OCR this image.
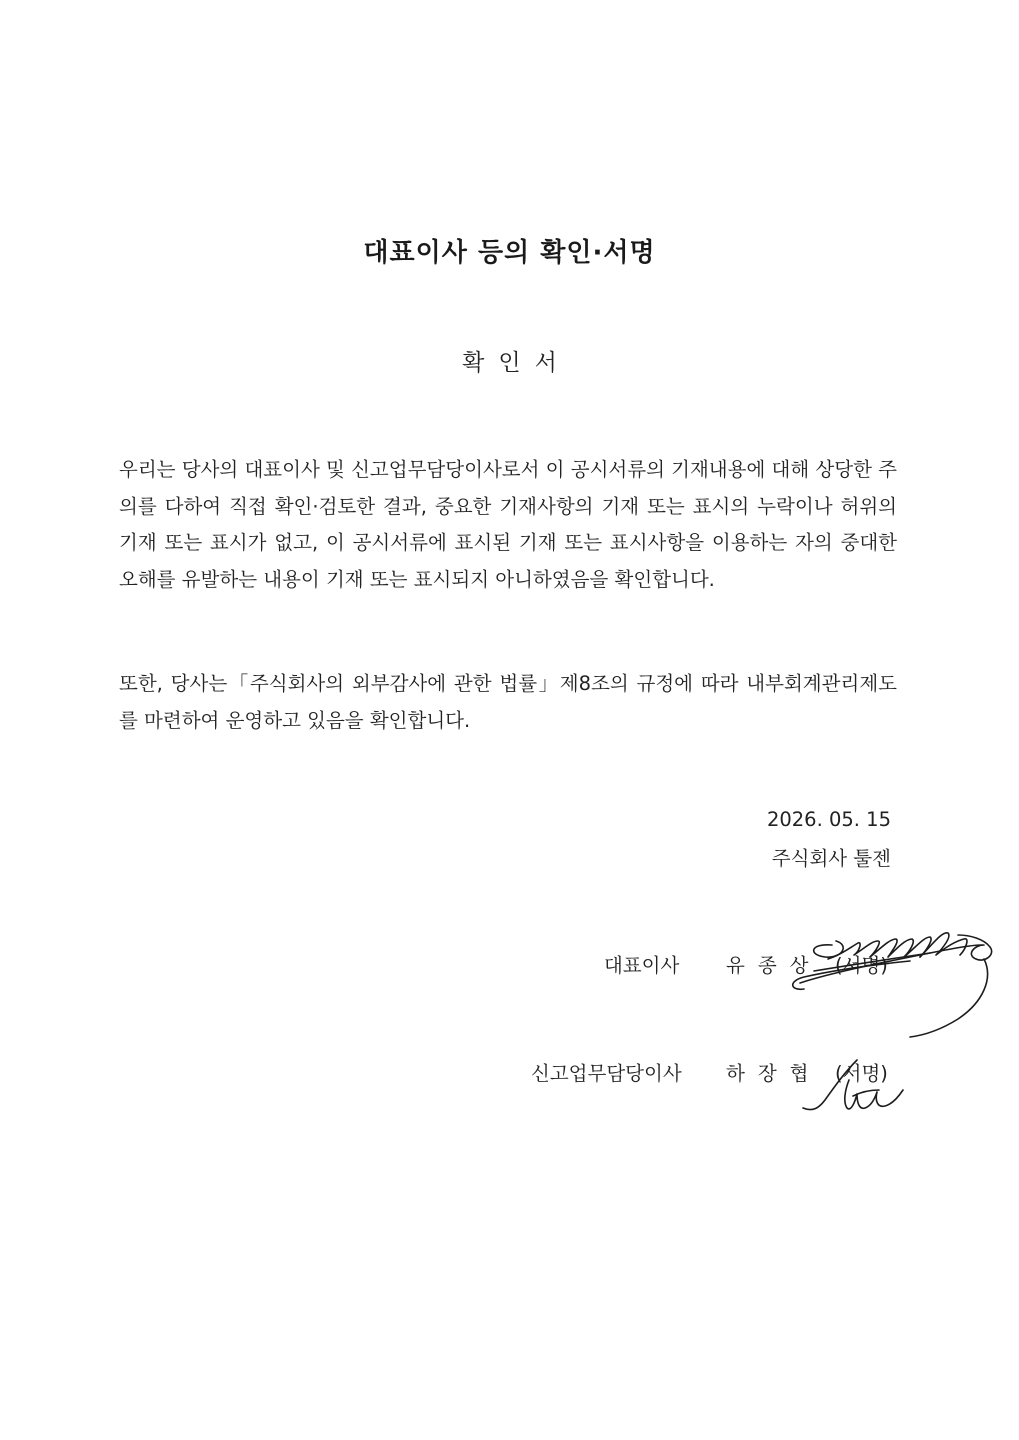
대표이사 등의 확인·서명
확인서

우리는 당사의 대표이사 및 신고업무담당이사로서 이 공시서류의 기재내용에 대해 상당한 주의를 다하여 직접 확인·검토한 결과, 중요한 기재사항의 기재 또는 표시의 누락이나 허위의 기재 또는 표시가 없고, 이 공시서류에 표시된 기재 또는 표시사항을 이용하는 자의 중대한 오해를 유발하는 내용이 기재 또는 표시되지 아니하였음을 확인합니다.

또한, 당사는「주식회사의 외부감사에 관한 법률」제8조의 규정에 따라 내부회계관리제도를 마련하여 운영하고 있음을 확인합니다.

2026. 05. 15
주식회사 툴젠
대표이사 유종상 (서명)
신고업무담당이사 하장협 (서명)
